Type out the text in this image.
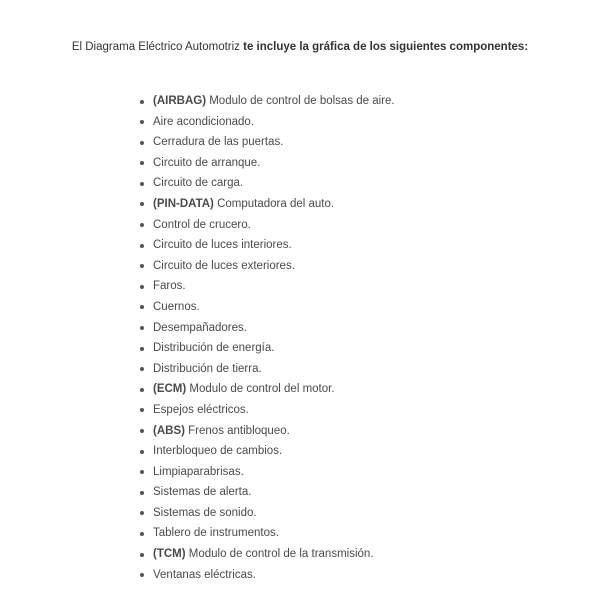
El Diagrama Eléctrico Automotriz te incluye la gráfica de los siguientes componentes:

(AIRBAG) Modulo de control de bolsas de aire.
Aire acondicionado.
Cerradura de las puertas.
Circuito de arranque.
Circuito de carga.
(PIN-DATA) Computadora del auto.
Control de crucero.
Circuito de luces interiores.
Circuito de luces exteriores.
Faros.
Cuernos.
Desempañadores.
Distribución de energía.
Distribución de tierra.
(ECM) Modulo de control del motor.
Espejos eléctricos.
(ABS) Frenos antibloqueo.
Interbloqueo de cambios.
Limpiaparabrisas.
Sistemas de alerta.
Sistemas de sonido.
Tablero de instrumentos.
(TCM) Modulo de control de la transmisión.
Ventanas eléctricas.
